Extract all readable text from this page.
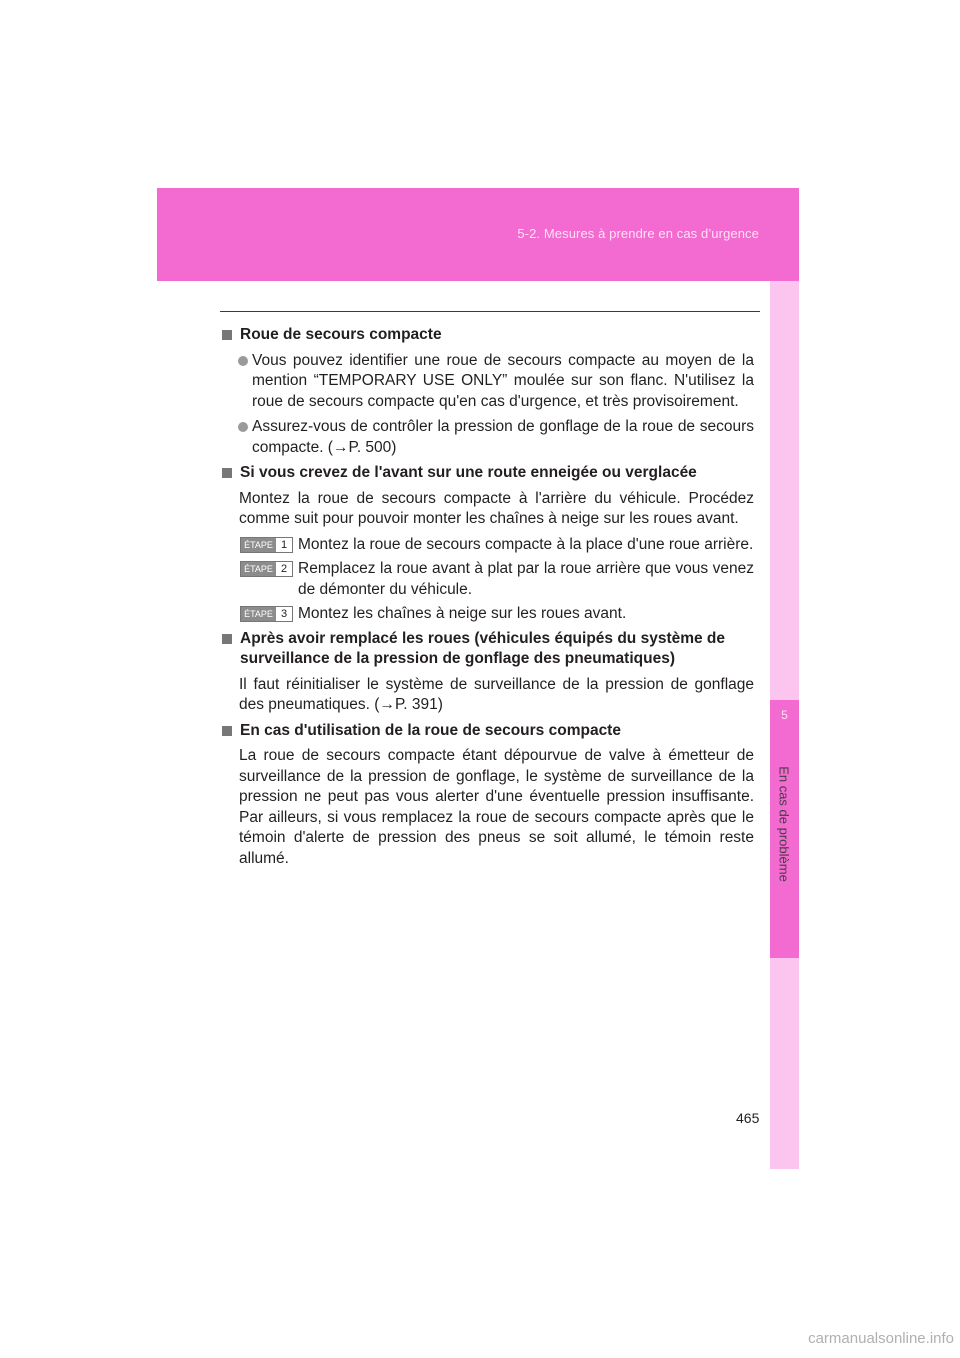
5-2. Mesures à prendre en cas d’urgence
5
En cas de problème
Roue de secours compacte
Vous pouvez identifier une roue de secours compacte au moyen de la mention “TEMPORARY USE ONLY” moulée sur son flanc. N'utilisez la roue de secours compacte qu'en cas d'urgence, et très provisoirement.
Assurez-vous de contrôler la pression de gonflage de la roue de secours compacte. (→P. 500)
Si vous crevez de l'avant sur une route enneigée ou verglacée
Montez la roue de secours compacte à l'arrière du véhicule. Procédez comme suit pour pouvoir monter les chaînes à neige sur les roues avant.
ÉTAPE 1 Montez la roue de secours compacte à la place d'une roue arrière.
ÉTAPE 2 Remplacez la roue avant à plat par la roue arrière que vous venez de démonter du véhicule.
ÉTAPE 3 Montez les chaînes à neige sur les roues avant.
Après avoir remplacé les roues (véhicules équipés du système de surveillance de la pression de gonflage des pneumatiques)
Il faut réinitialiser le système de surveillance de la pression de gonflage des pneumatiques. (→P. 391)
En cas d'utilisation de la roue de secours compacte
La roue de secours compacte étant dépourvue de valve à émetteur de surveillance de la pression de gonflage, le système de surveillance de la pression ne peut pas vous alerter d'une éventuelle pression insuffisante. Par ailleurs, si vous remplacez la roue de secours compacte après que le témoin d'alerte de pression des pneus se soit allumé, le témoin reste allumé.
465
carmanualsonline.info
